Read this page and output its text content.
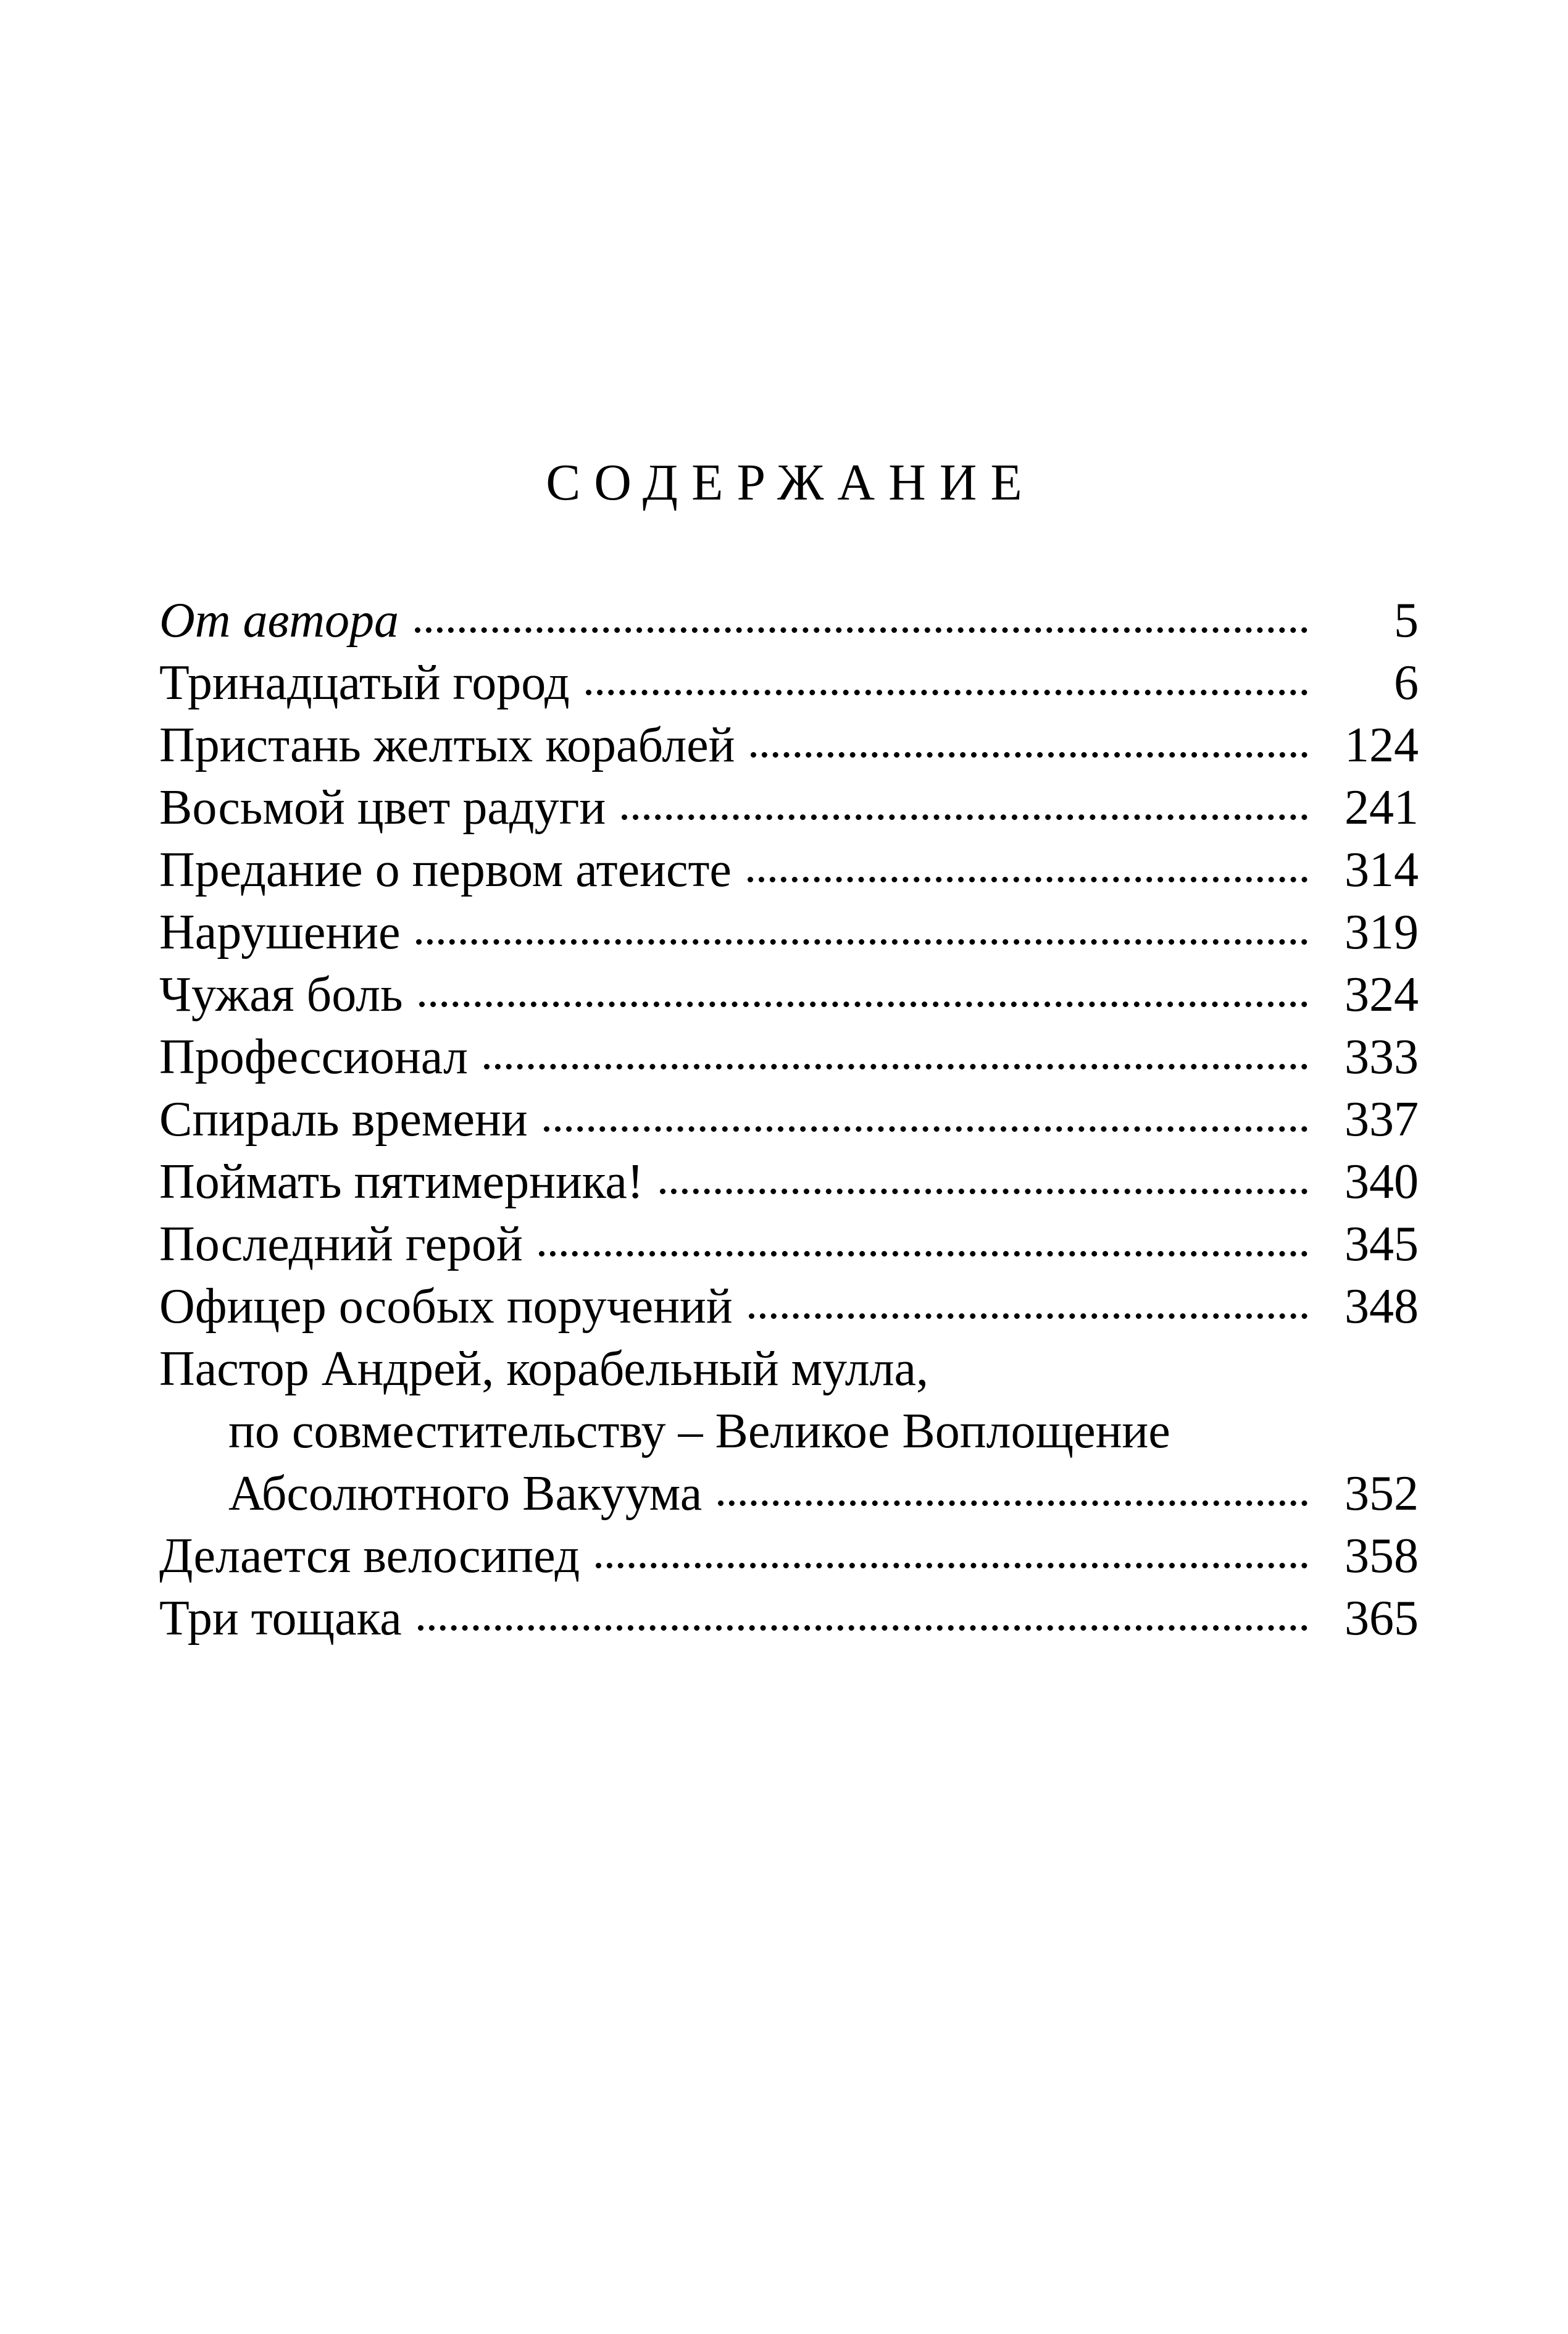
СОДЕРЖАНИЕ
От автора	5
Тринадцатый город	6
Пристань желтых кораблей	124
Восьмой цвет радуги	241
Предание о первом атеисте	314
Нарушение	319
Чужая боль	324
Профессионал	333
Спираль времени	337
Поймать пятимерника!	340
Последний герой	345
Офицер особых поручений	348
Пастор Андрей, корабельный мулла,
по совместительству – Великое Воплощение
Абсолютного Вакуума	352
Делается велосипед	358
Три тощака	365
